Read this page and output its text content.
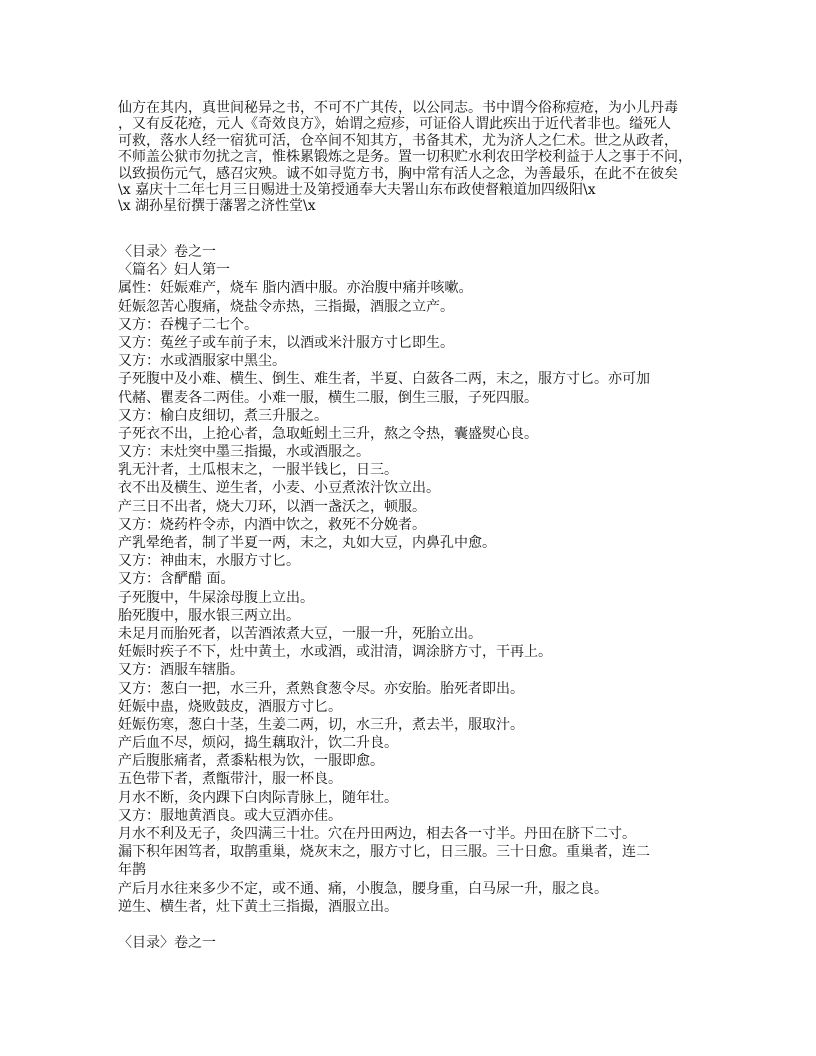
仙方在其内，真世间秘异之书，不可不广其传，以公同志。书中谓今俗称痘疮，为小儿丹毒
，又有反花疮，元人《奇效良方》，始谓之痘疹，可证俗人谓此疾出于近代者非也。缢死人
可救，落水人经一宿犹可活，仓卒间不知其方，书备其术，尤为济人之仁术。世之从政者，
不师盖公狱市勿扰之言，惟株累锻炼之是务。置一切积贮水利农田学校利益于人之事于不问，
以致损伤元气，感召灾殃。诚不如寻览方书，胸中常有活人之念，为善最乐，在此不在彼矣
\x 嘉庆十二年七月三日赐进士及第授通奉大夫署山东布政使督粮道加四级阳\x
\x 湖孙星衍撰于藩署之济性堂\x
〈目录〉卷之一
〈篇名〉妇人第一
属性：妊娠难产，烧车 脂内酒中服。亦治腹中痛并咳嗽。
妊娠忽苦心腹痛，烧盐令赤热，三指撮，酒服之立产。
又方：吞槐子二七个。
又方：菟丝子或车前子末，以酒或米汁服方寸匕即生。
又方：水或酒服家中黑尘。
子死腹中及小难、横生、倒生、难生者，半夏、白蔹各二两，末之，服方寸匕。亦可加
代赭、瞿麦各二两佳。小难一服，横生二服，倒生三服，子死四服。
又方：榆白皮细切，煮三升服之。
子死衣不出，上抢心者，急取蚯蚓土三升，熬之令热，囊盛熨心良。
又方：末灶突中墨三指撮，水或酒服之。
乳无汁者，土瓜根末之，一服半钱匕，日三。
衣不出及横生、逆生者，小麦、小豆煮浓汁饮立出。
产三日不出者，烧大刀环，以酒一盏沃之，顿服。
又方：烧药杵令赤，内酒中饮之，救死不分娩者。
产乳晕绝者，制了半夏一两，末之，丸如大豆，内鼻孔中愈。
又方：神曲末，水服方寸匕。
又方：含酽醋 面。
子死腹中，牛屎涂母腹上立出。
胎死腹中，服水银三两立出。
未足月而胎死者，以苦酒浓煮大豆，一服一升，死胎立出。
妊娠时疾子不下，灶中黄土，水或酒，或泔清，调涂脐方寸，干再上。
又方：酒服车辖脂。
又方：葱白一把，水三升，煮熟食葱令尽。亦安胎。胎死者即出。
妊娠中蛊，烧败鼓皮，酒服方寸匕。
妊娠伤寒，葱白十茎，生姜二两，切，水三升，煮去半，服取汁。
产后血不尽，烦闷，捣生藕取汁，饮二升良。
产后腹胀痛者，煮黍粘根为饮，一服即愈。
五色带下者，煮甑带汁，服一杯良。
月水不断，灸内踝下白肉际青脉上，随年壮。
又方：服地黄酒良。或大豆酒亦佳。
月水不利及无子，灸四满三十壮。穴在丹田两边，相去各一寸半。丹田在脐下二寸。
漏下积年困笃者，取鹊重巢，烧灰末之，服方寸匕，日三服。三十日愈。重巢者，连二
年鹊
产后月水往来多少不定，或不通、痛，小腹急，腰身重，白马尿一升，服之良。
逆生、横生者，灶下黄土三指撮，酒服立出。
〈目录〉卷之一
